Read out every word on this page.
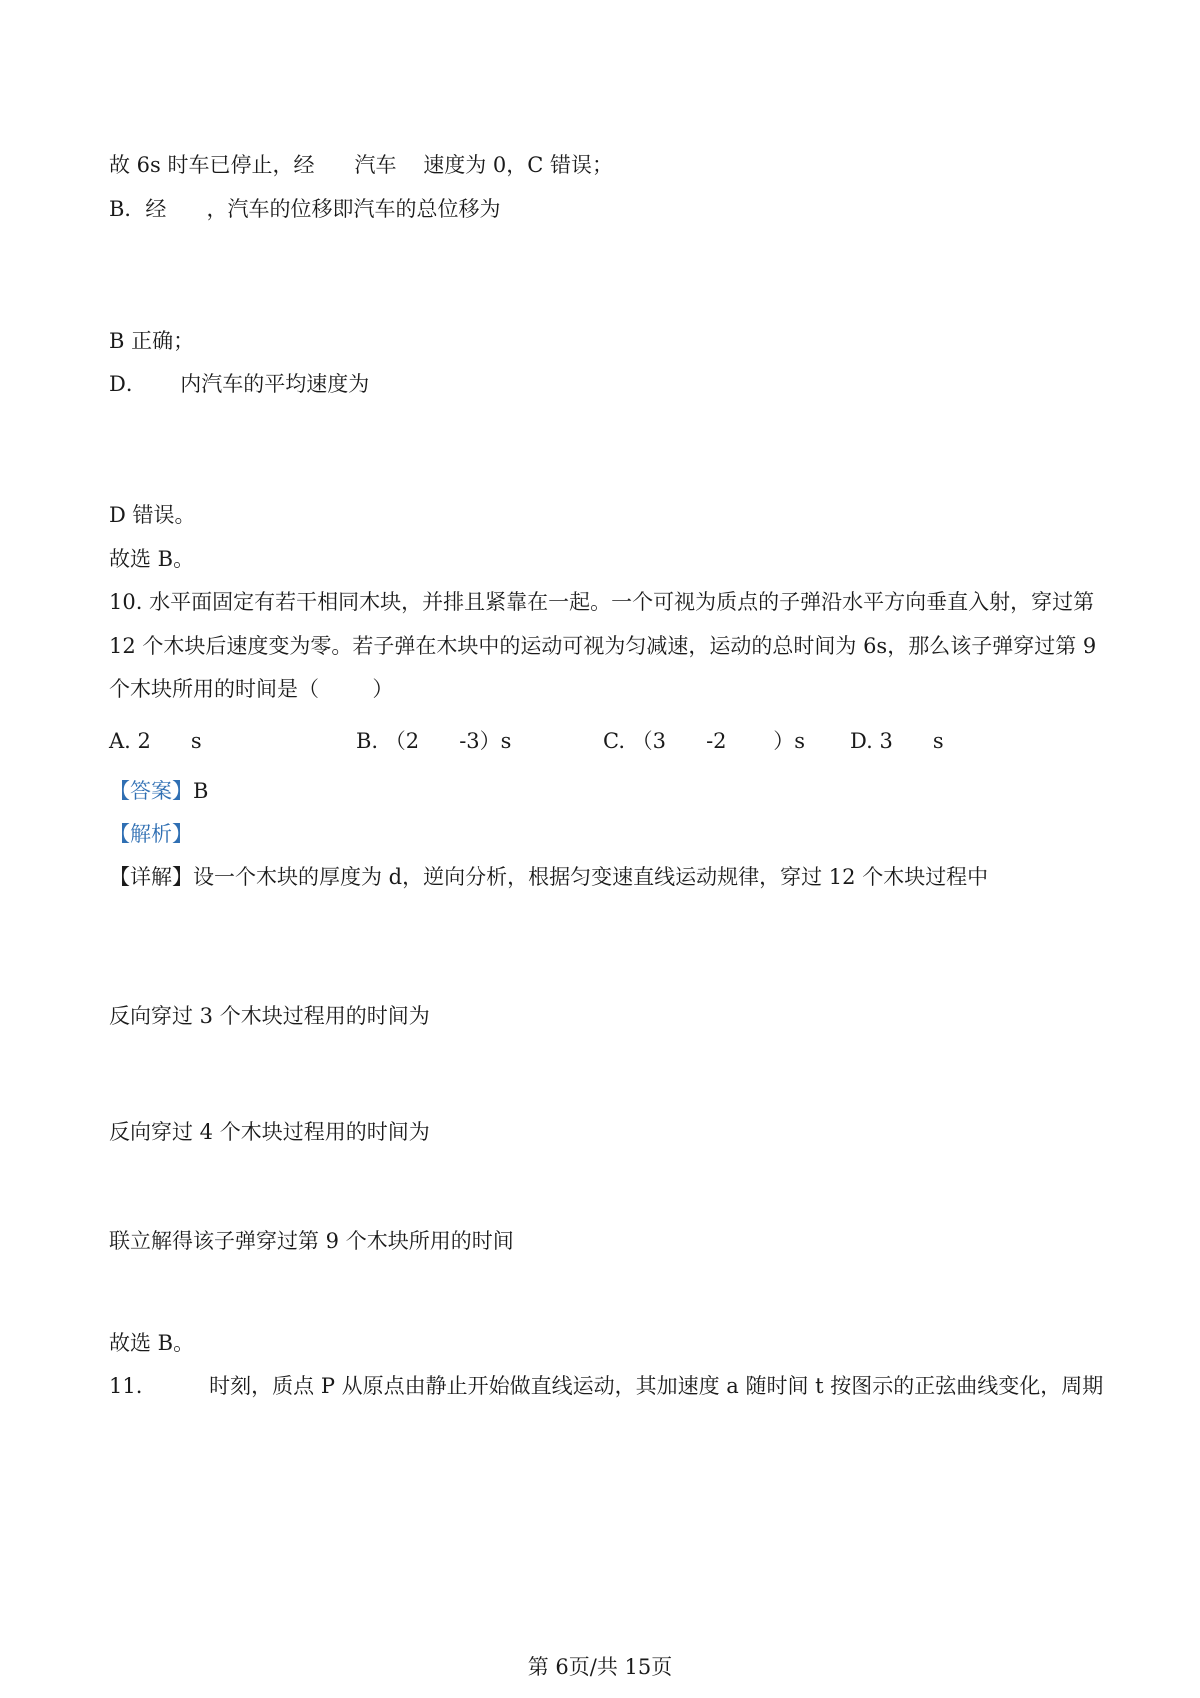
故 6s 时车已停止，经      汽车    速度为 0，C 错误；
B．经      ，汽车的位移即汽车的总位移为
B 正确；
D．     内汽车的平均速度为
D 错误。
故选 B。
10. 水平面固定有若干相同木块，并排且紧靠在一起。一个可视为质点的子弹沿水平方向垂直入射，穿过第
12 个木块后速度变为零。若子弹在木块中的运动可视为匀减速，运动的总时间为 6s，那么该子弹穿过第 9
个木块所用的时间是（        ）
A. 2      s	B. （2      -3）s	C. （3      -2       ）s D. 3      s
【答案】B
【解析】
【详解】设一个木块的厚度为 d，逆向分析，根据匀变速直线运动规律，穿过 12 个木块过程中
反向穿过 3 个木块过程用的时间为
反向穿过 4 个木块过程用的时间为
联立解得该子弹穿过第 9 个木块所用的时间
故选 B。
11.          时刻，质点 P 从原点由静止开始做直线运动，其加速度 a 随时间 t 按图示的正弦曲线变化，周期
第 6页/共 15页
